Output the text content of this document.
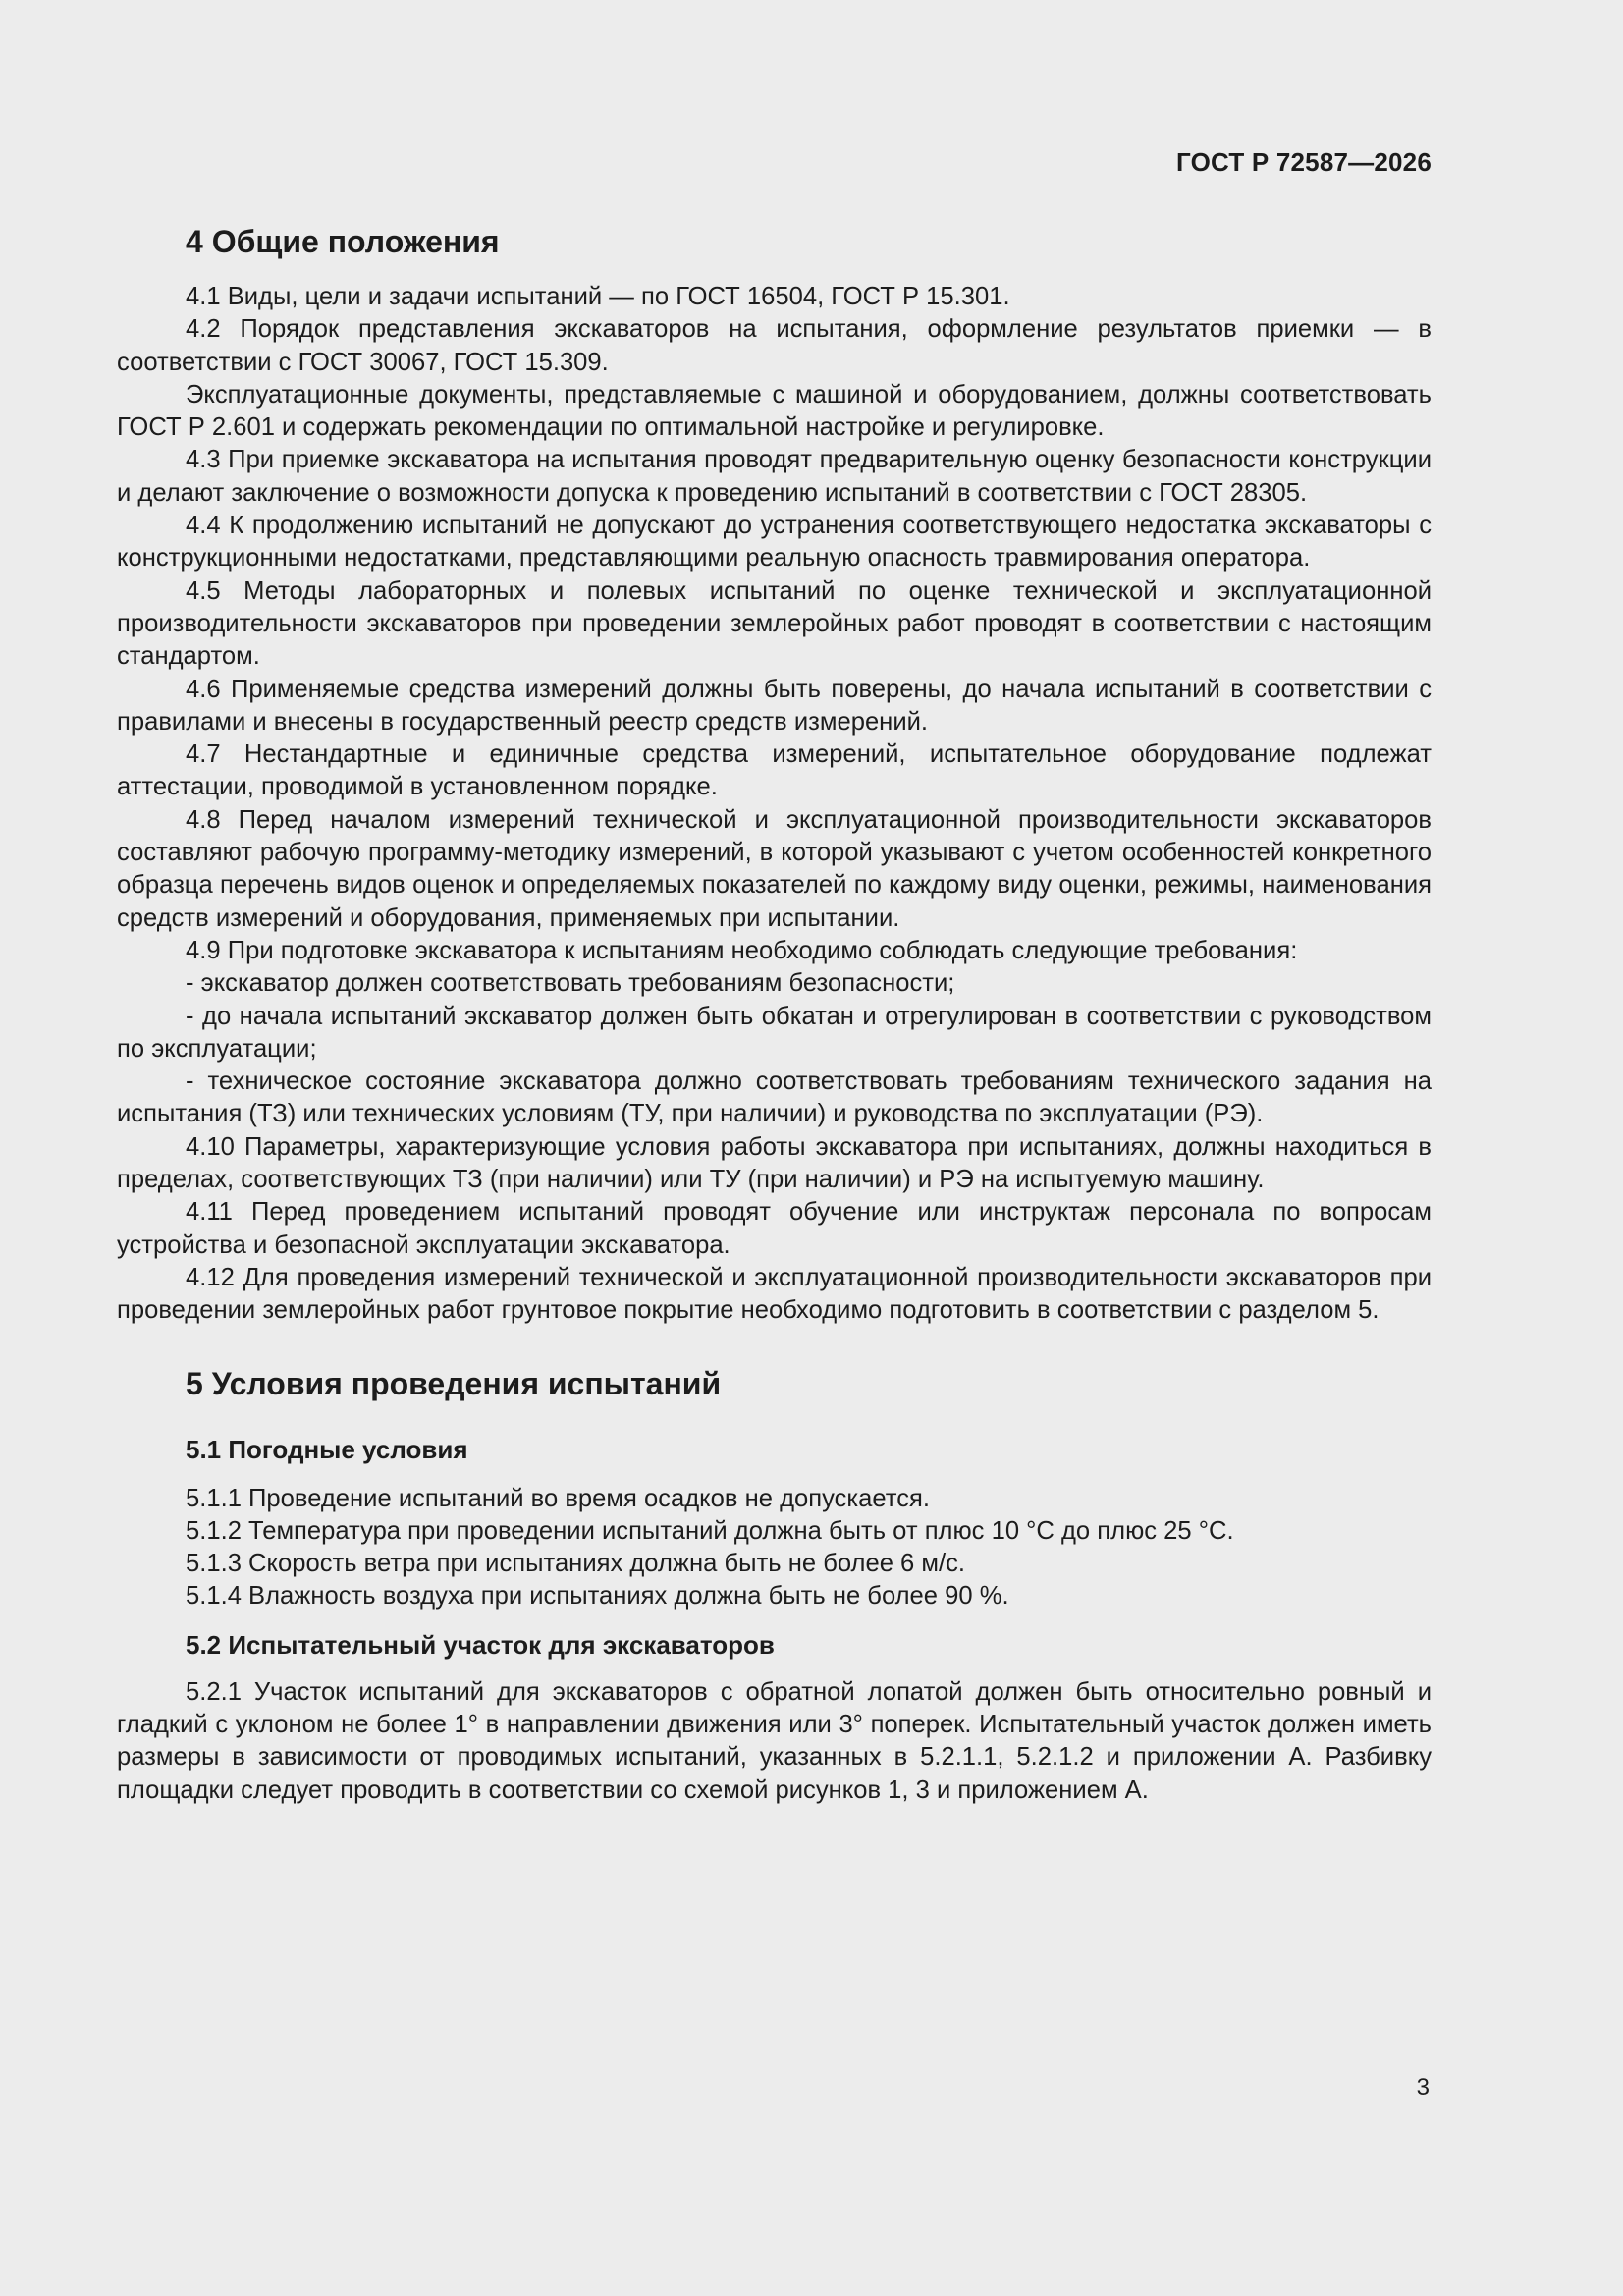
ГОСТ Р 72587—2026
4 Общие положения

4.1 Виды, цели и задачи испытаний — по ГОСТ 16504, ГОСТ Р 15.301.

4.2 Порядок представления экскаваторов на испытания, оформление результатов приемки — в соответствии с ГОСТ 30067, ГОСТ 15.309.

Эксплуатационные документы, представляемые с машиной и оборудованием, должны соответствовать ГОСТ Р 2.601 и содержать рекомендации по оптимальной настройке и регулировке.

4.3 При приемке экскаватора на испытания проводят предварительную оценку безопасности конструкции и делают заключение о возможности допуска к проведению испытаний в соответствии с ГОСТ 28305.

4.4 К продолжению испытаний не допускают до устранения соответствующего недостатка экскаваторы с конструкционными недостатками, представляющими реальную опасность травмирования оператора.

4.5 Методы лабораторных и полевых испытаний по оценке технической и эксплуатационной производительности экскаваторов при проведении землеройных работ проводят в соответствии с настоящим стандартом.

4.6 Применяемые средства измерений должны быть поверены, до начала испытаний в соответствии с правилами и внесены в государственный реестр средств измерений.

4.7 Нестандартные и единичные средства измерений, испытательное оборудование подлежат аттестации, проводимой в установленном порядке.

4.8 Перед началом измерений технической и эксплуатационной производительности экскаваторов составляют рабочую программу-методику измерений, в которой указывают с учетом особенностей конкретного образца перечень видов оценок и определяемых показателей по каждому виду оценки, режимы, наименования средств измерений и оборудования, применяемых при испытании.

4.9 При подготовке экскаватора к испытаниям необходимо соблюдать следующие требования:

- экскаватор должен соответствовать требованиям безопасности;

- до начала испытаний экскаватор должен быть обкатан и отрегулирован в соответствии с руководством по эксплуатации;

- техническое состояние экскаватора должно соответствовать требованиям технического задания на испытания (ТЗ) или технических условиям (ТУ, при наличии) и руководства по эксплуатации (РЭ).

4.10 Параметры, характеризующие условия работы экскаватора при испытаниях, должны находиться в пределах, соответствующих ТЗ (при наличии) или ТУ (при наличии) и РЭ на испытуемую машину.

4.11 Перед проведением испытаний проводят обучение или инструктаж персонала по вопросам устройства и безопасной эксплуатации экскаватора.

4.12 Для проведения измерений технической и эксплуатационной производительности экскаваторов при проведении землеройных работ грунтовое покрытие необходимо подготовить в соответствии с разделом 5.

5 Условия проведения испытаний
5.1 Погодные условия

5.1.1 Проведение испытаний во время осадков не допускается.

5.1.2 Температура при проведении испытаний должна быть от плюс 10 °С до плюс 25 °С.

5.1.3 Скорость ветра при испытаниях должна быть не более 6 м/с.

5.1.4 Влажность воздуха при испытаниях должна быть не более 90 %.

5.2 Испытательный участок для экскаваторов

5.2.1 Участок испытаний для экскаваторов с обратной лопатой должен быть относительно ровный и гладкий с уклоном не более 1° в направлении движения или 3° поперек. Испытательный участок должен иметь размеры в зависимости от проводимых испытаний, указанных в 5.2.1.1, 5.2.1.2 и приложении А. Разбивку площадки следует проводить в соответствии со схемой рисунков 1, 3 и приложением А.

3
